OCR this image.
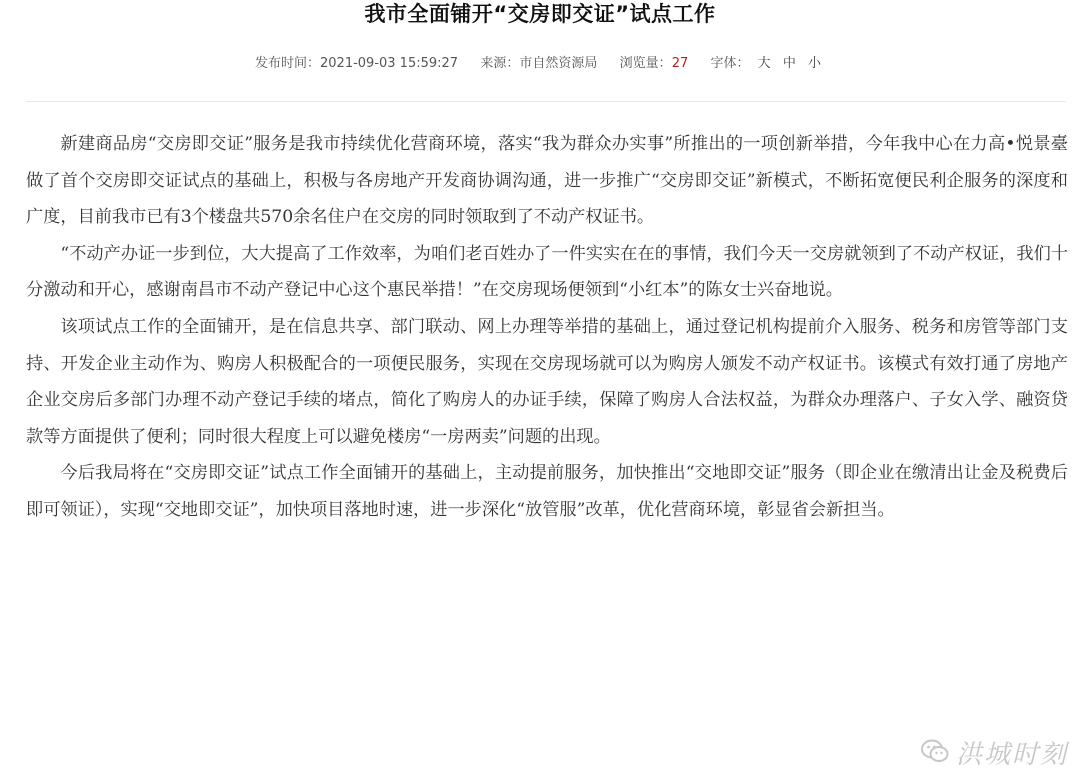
我市全面铺开“交房即交证”试点工作
发布时间：2021-09-03 15:59:27 来源：市自然资源局 浏览量：27 字体： 大 中 小

新建商品房“交房即交证”服务是我市持续优化营商环境，落实“我为群众办实事”所推出的一项创新举措，今年我中心在力高•悦景臺做了首个交房即交证试点的基础上，积极与各房地产开发商协调沟通，进一步推广“交房即交证”新模式，不断拓宽便民利企服务的深度和广度，目前我市已有3个楼盘共570余名住户在交房的同时领取到了不动产权证书。

“不动产办证一步到位，大大提高了工作效率，为咱们老百姓办了一件实实在在的事情，我们今天一交房就领到了不动产权证，我们十分激动和开心，感谢南昌市不动产登记中心这个惠民举措！”在交房现场便领到“小红本”的陈女士兴奋地说。

该项试点工作的全面铺开，是在信息共享、部门联动、网上办理等举措的基础上，通过登记机构提前介入服务、税务和房管等部门支持、开发企业主动作为、购房人积极配合的一项便民服务，实现在交房现场就可以为购房人颁发不动产权证书。该模式有效打通了房地产企业交房后多部门办理不动产登记手续的堵点，简化了购房人的办证手续，保障了购房人合法权益，为群众办理落户、子女入学、融资贷款等方面提供了便利；同时很大程度上可以避免楼房“一房两卖”问题的出现。

今后我局将在“交房即交证”试点工作全面铺开的基础上，主动提前服务，加快推出“交地即交证”服务（即企业在缴清出让金及税费后即可领证），实现“交地即交证”，加快项目落地时速，进一步深化“放管服”改革，优化营商环境，彰显省会新担当。

洪城时刻
